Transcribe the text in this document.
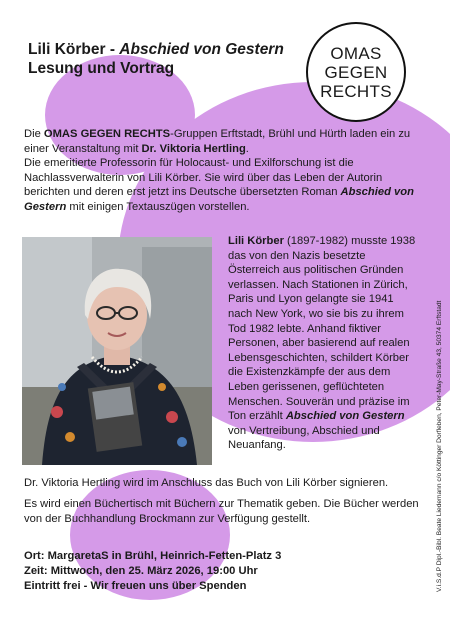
Lili Körber - Abschied von Gestern
Lesung und Vortrag
OMAS
GEGEN
RECHTS

Die OMAS GEGEN RECHTS-Gruppen Erftstadt, Brühl und Hürth laden ein zu einer Veranstaltung mit Dr. Viktoria Hertling.

Die emeritierte Professorin für Holocaust- und Exilforschung ist die Nachlassverwalterin von Lili Körber. Sie wird über das Leben der Autorin berichten und deren erst jetzt ins Deutsche übersetzten Roman Abschied von Gestern mit einigen Textauszügen vorstellen.

Lili Körber (1897-1982) musste 1938 das von den Nazis besetzte Österreich aus politischen Gründen verlassen. Nach Stationen in Zürich, Paris und Lyon gelangte sie 1941 nach New York, wo sie bis zu ihrem Tod 1982 lebte. Anhand fiktiver Personen, aber basierend auf realen Lebensgeschichten, schildert Körber die Existenzkämpfe der aus dem Leben gerissenen, geflüchteten Menschen. Souverän und präzise im Ton erzählt Abschied von Gestern von Vertreibung, Abschied und Neuanfang.

Dr. Viktoria Hertling wird im Anschluss das Buch von Lili Körber signieren.
Es wird einen Büchertisch mit Büchern zur Thematik geben. Die Bücher werden von der Buchhandlung Brockmann zur Verfügung gestellt.
Ort: MargaretaS in Brühl, Heinrich-Fetten-Platz 3
Zeit: Mittwoch, den 25. März 2026, 19:00 Uhr
Eintritt frei - Wir freuen uns über Spenden	V.i.S.d.P Dipl.-Bibl. Beate Liedemann c/o Köttinger Dorfleben, Peter-May-Straße 43, 50374 Erftstadt
